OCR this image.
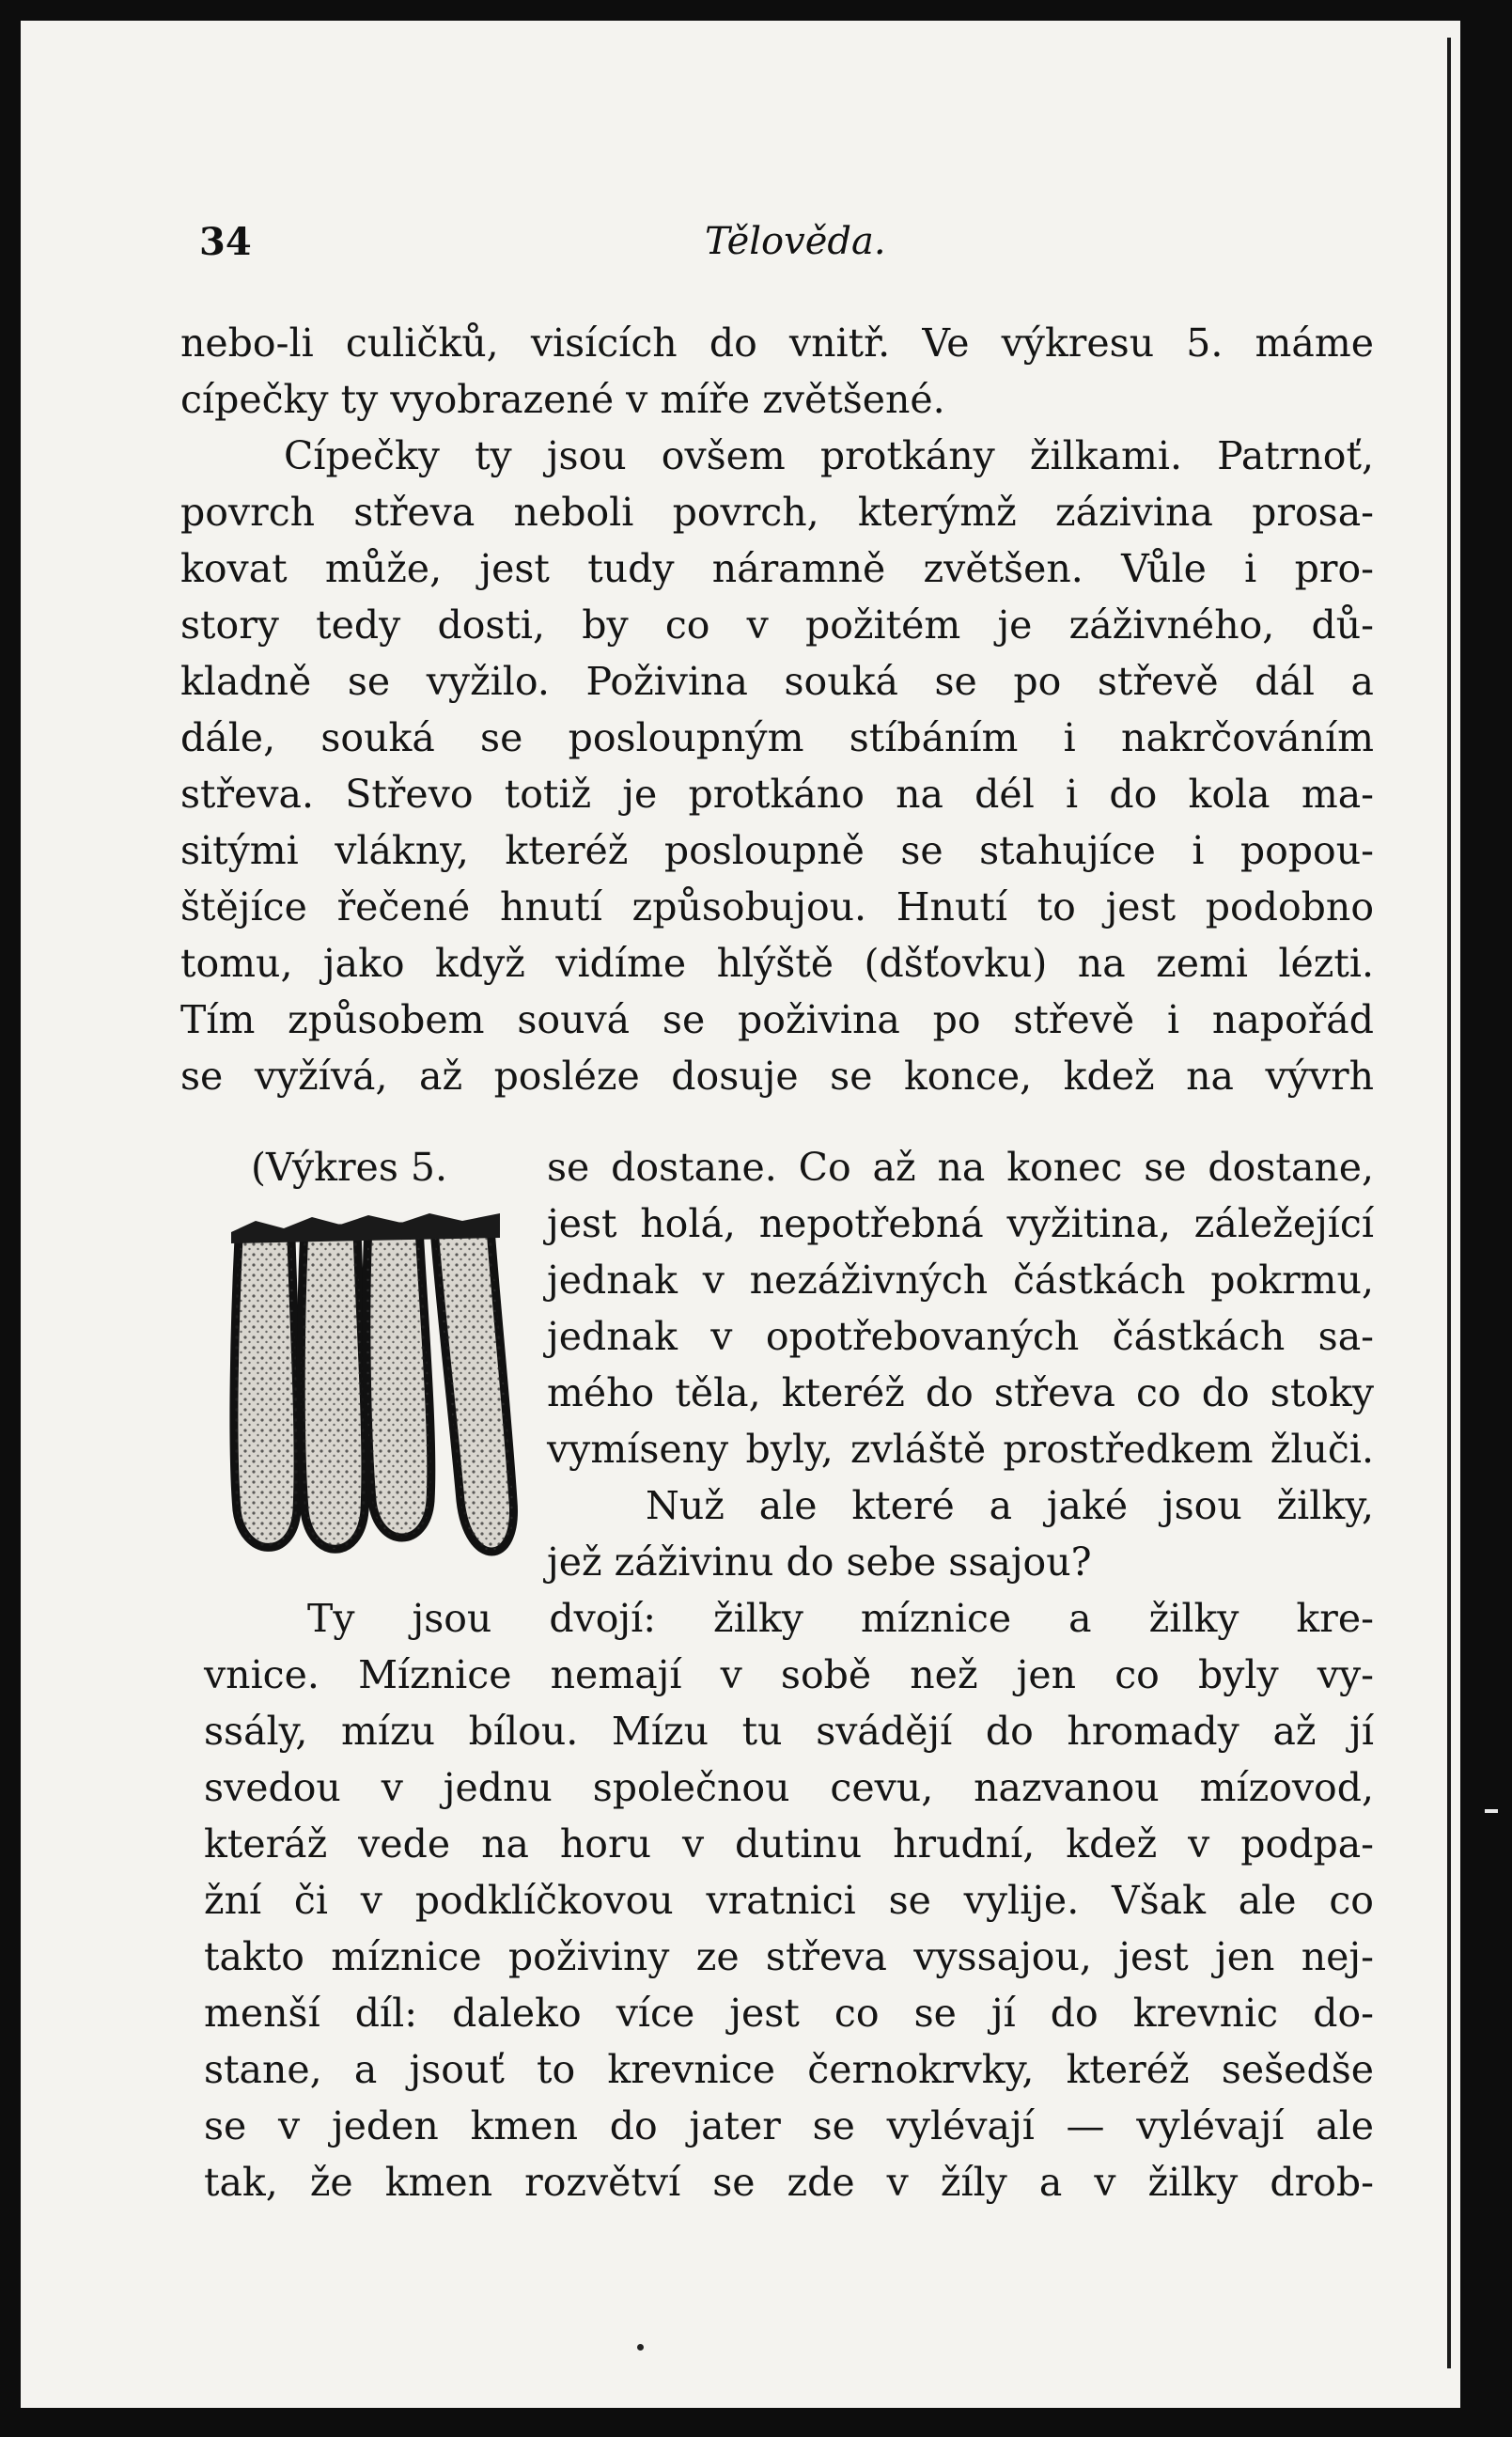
34	Tělověda.
nebo-li culičků, visících do vnitř. Ve výkresu 5. máme
cípečky ty vyobrazené v míře zvětšené.
Cípečky ty jsou ovšem protkány žilkami. Patrnoť,
povrch střeva neboli povrch, kterýmž zázivina prosa-
kovat může, jest tudy náramně zvětšen. Vůle i pro-
story tedy dosti, by co v požitém je záživného, dů-
kladně se vyžilo. Poživina souká se po střevě dál a
dále, souká se posloupným stíbáním i nakrčováním
střeva. Střevo totiž je protkáno na dél i do kola ma-
sitými vlákny, kteréž posloupně se stahujíce i popou-
štějíce řečené hnutí způsobujou. Hnutí to jest podobno
tomu, jako když vidíme hlýště (dšťovku) na zemi lézti.
Tím způsobem souvá se poživina po střevě i napořád
se vyžívá, až posléze dosuje se konce, kdež na vývrh
(Výkres 5.	se dostane. Co až na konec se dostane,
jest holá, nepotřebná vyžitina, záležející
jednak v nezáživných částkách pokrmu,
jednak v opotřebovaných částkách sa-
mého těla, kteréž do střeva co do stoky
vymíseny byly, zvláště prostředkem žluči.
Nuž ale které a jaké jsou žilky,
jež záživinu do sebe ssajou?
Ty jsou dvojí: žilky míznice a žilky kre-
vnice. Míznice nemají v sobě než jen co byly vy-
ssály, mízu bílou. Mízu tu svádějí do hromady až jí
svedou v jednu společnou cevu, nazvanou mízovod,
kteráž vede na horu v dutinu hrudní, kdež v podpa-
žní či v podklíčkovou vratnici se vylije. Však ale co
takto míznice poživiny ze střeva vyssajou, jest jen nej-
menší díl: daleko více jest co se jí do krevnic do-
stane, a jsouť to krevnice černokrvky, kteréž sešedše
se v jeden kmen do jater se vylévají — vylévají ale
tak, že kmen rozvětví se zde v žíly a v žilky drob-
